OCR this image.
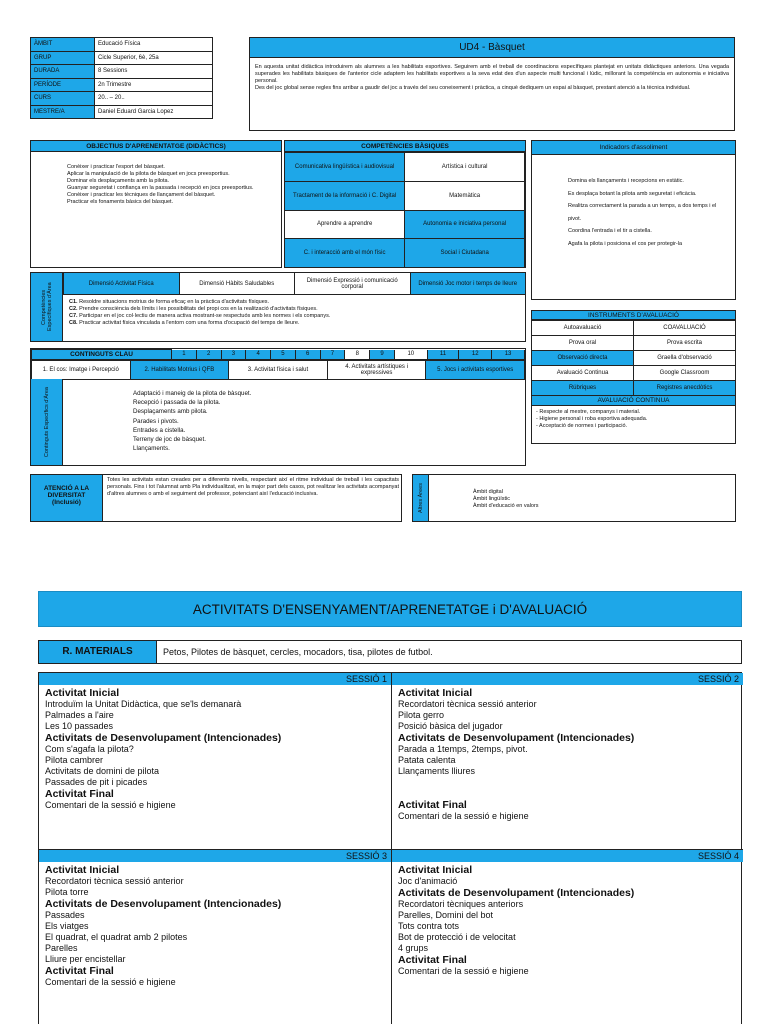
ÀMBIT	Educació Física
GRUP	Cicle Superior, 6è, 25a
DURADA	8 Sessions
PERÍODE	2n Trimestre
CURS	20.. – 20..
MESTRE/A	Daniel Eduard Garcia Lopez
UD4 - Bàsquet
En aquesta unitat didàctica introduirem als alumnes a les habilitats esportives. Seguirem amb el treball de coordinacions específiques plantejat en unitats didàctiques anteriors. Una vegada superades les habilitats bàsiques de l'anterior cicle adaptem les habilitats esportives a la seva edat des d'un aspecte multi funcional i lúdic, millorant la competència en autonomia e iniciativa personal.
Des del joc global sense regles fins arribar a gaudir del joc a través del seu coneixement i pràctica, a cinquè dediquem un espai al bàsquet, prestant atenció a la tècnica individual.
OBJECTIUS D'APRENENTATGE (DIDÀCTICS)
Conèixer i practicar l'esport del bàsquet.
Aplicar la manipulació de la pilota de bàsquet en jocs preesportius.
Dominar els desplaçaments amb la pilota.
Guanyar seguretat i confiança en la passada i recepció en jocs preesportius.
Conèixer i practicar les tècniques de llançament del bàsquet.
Practicar els fonaments bàsics del bàsquet.
COMPETÈNCIES BÀSIQUES
Comunicativa lingüística i audiovisual	Artística i cultural
Tractament de la informació i C. Digital	Matemàtica
Aprendre a aprendre	Autonomia e iniciativa personal
C. i interacció amb el món físic	Social i Ciutadana
Indicadors d'assoliment
Domina els llançaments i recepcions en estàtic.
Es desplaça botant la pilota amb seguretat i eficàcia.
Realitza correctament la parada a un temps, a dos temps i el pivot.
Coordina l'entrada i el tir a cistella.
Agafa la pilota i posiciona el cos per protegir-la
Competències Específiques d'Àrea	Dimensió Activitat Física	Dimensió Hàbits Saludables	Dimensió Expressió i comunicació corporal	Dimensió Joc motor i temps de lleure
C1. Resoldre situacions motrius de forma eficaç en la pràctica d'activitats físiques.
C2. Prendre consciència dels límits i les possibilitats del propi cos en la realització d'activitats físiques.
C7. Participar en el joc col·lectiu de manera activa mostrant-se respectuós amb les normes i els companys.
C8. Practicar activitat física vinculada a l'entorn com una forma d'ocupació del temps de lleure.
INSTRUMENTS D'AVALUACIÓ
Autoavaluació	COAVALUACIÓ
Prova oral	Prova escrita
Observació directa	Graella d'observació
Avaluació Continua	Google Classroom
Rúbriques	Registres anecdòtics
AVALUACIÓ CONTINUA
- Respecte al mestre, companys i material.
- Higiene personal i roba esportiva adequada.
- Acceptació de normes i participació.
CONTINGUTS CLAU	1	2	3	4	5	6	7	8	9	10	11	12	13
1. El cos: Imatge i Percepció	2. Habilitats Motrius i QFB	3. Activitat física i salut	4. Activitats artístiques i expressives	5. Jocs i activitats esportives
Continguts Específics d'Àrea	Adaptació i maneig de la pilota de bàsquet.
Recepció i passada de la pilota.
Desplaçaments amb pilota.
Parades i pivots.
Entrades a cistella.
Terreny de joc de bàsquet.
Llançaments.
ATENCIÓ A LA DIVERSITAT (Inclusió)
Totes les activitats estan creades per a diferents nivells, respectant així el ritme individual de treball i les capacitats personals. Fins i tot l'alumnat amb Pla individualitzat, en la major part dels casos, pot realitzar les activitats acompanyat d'altres alumnes o amb el seguiment del professor, potenciant així l'educació inclusiva.	Altres Àrees	Àmbit digital
Àmbit lingüístic
Àmbit d'educació en valors
ACTIVITATS D'ENSENYAMENT/APRENETATGE i D'AVALUACIÓ
R. MATERIALS	Petos, Pilotes de bàsquet, cercles, mocadors, tisa, pilotes de futbol.
SESSIÓ 1
Activitat Inicial
Introduïm la Unitat Didàctica, que se'ls demanarà
Palmades a l'aire
Les 10 passades
Activitats de Desenvolupament (Intencionades)
Com s'agafa la pilota?
Pilota cambrer
Activitats de domini de pilota
Passades de pit i picades
Activitat Final
Comentari de la sessió e higiene
SESSIÓ 2
Activitat Inicial
Recordatori tècnica sessió anterior
Pilota gerro
Posició bàsica del jugador
Activitats de Desenvolupament (Intencionades)
Parada a 1temps, 2temps, pivot.
Patata calenta
Llançaments lliures
Activitat Final
Comentari de la sessió e higiene
SESSIÓ 3
Activitat Inicial
Recordatori tècnica sessió anterior
Pilota torre
Activitats de Desenvolupament (Intencionades)
Passades
Els viatges
El quadrat, el quadrat amb 2 pilotes
Parelles
Lliure per encistellar
Activitat Final
Comentari de la sessió e higiene
SESSIÓ 4
Activitat Inicial
Joc d'animació
Activitats de Desenvolupament (Intencionades)
Recordatori tècniques anteriors
Parelles, Domini del bot
Tots contra tots
Bot de protecció i de velocitat
4 grups
Activitat Final
Comentari de la sessió e higiene
